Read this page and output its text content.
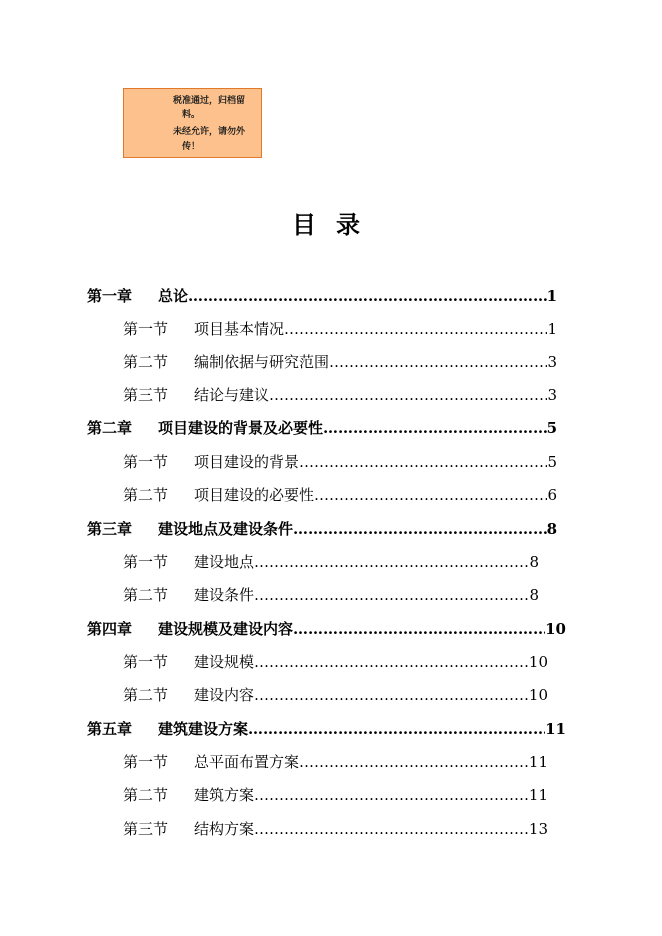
税准通过，归档留
料。
未经允许，请勿外
传！
目录
第一章	总论 …………………………………………………………………………………………………	1
第一节	项目基本情况 …………………………………………………………………………………………………	1
第二节	编制依据与研究范围 …………………………………………………………………………………………………	3
第三节	结论与建议 …………………………………………………………………………………………………	3
第二章	项目建设的背景及必要性 …………………………………………………………………………………………………	5
第一节	项目建设的背景 …………………………………………………………………………………………………	5
第二节	项目建设的必要性 …………………………………………………………………………………………………	6
第三章	建设地点及建设条件 …………………………………………………………………………………………………	8
第一节	建设地点 …………………………………………………………………………………………………	8
第二节	建设条件 …………………………………………………………………………………………………	8
第四章	建设规模及建设内容 …………………………………………………………………………………………………	10
第一节	建设规模 …………………………………………………………………………………………………	10
第二节	建设内容 …………………………………………………………………………………………………	10
第五章	建筑建设方案 …………………………………………………………………………………………………	11
第一节	总平面布置方案 …………………………………………………………………………………………………	11
第二节	建筑方案 …………………………………………………………………………………………………	11
第三节	结构方案 …………………………………………………………………………………………………	13
